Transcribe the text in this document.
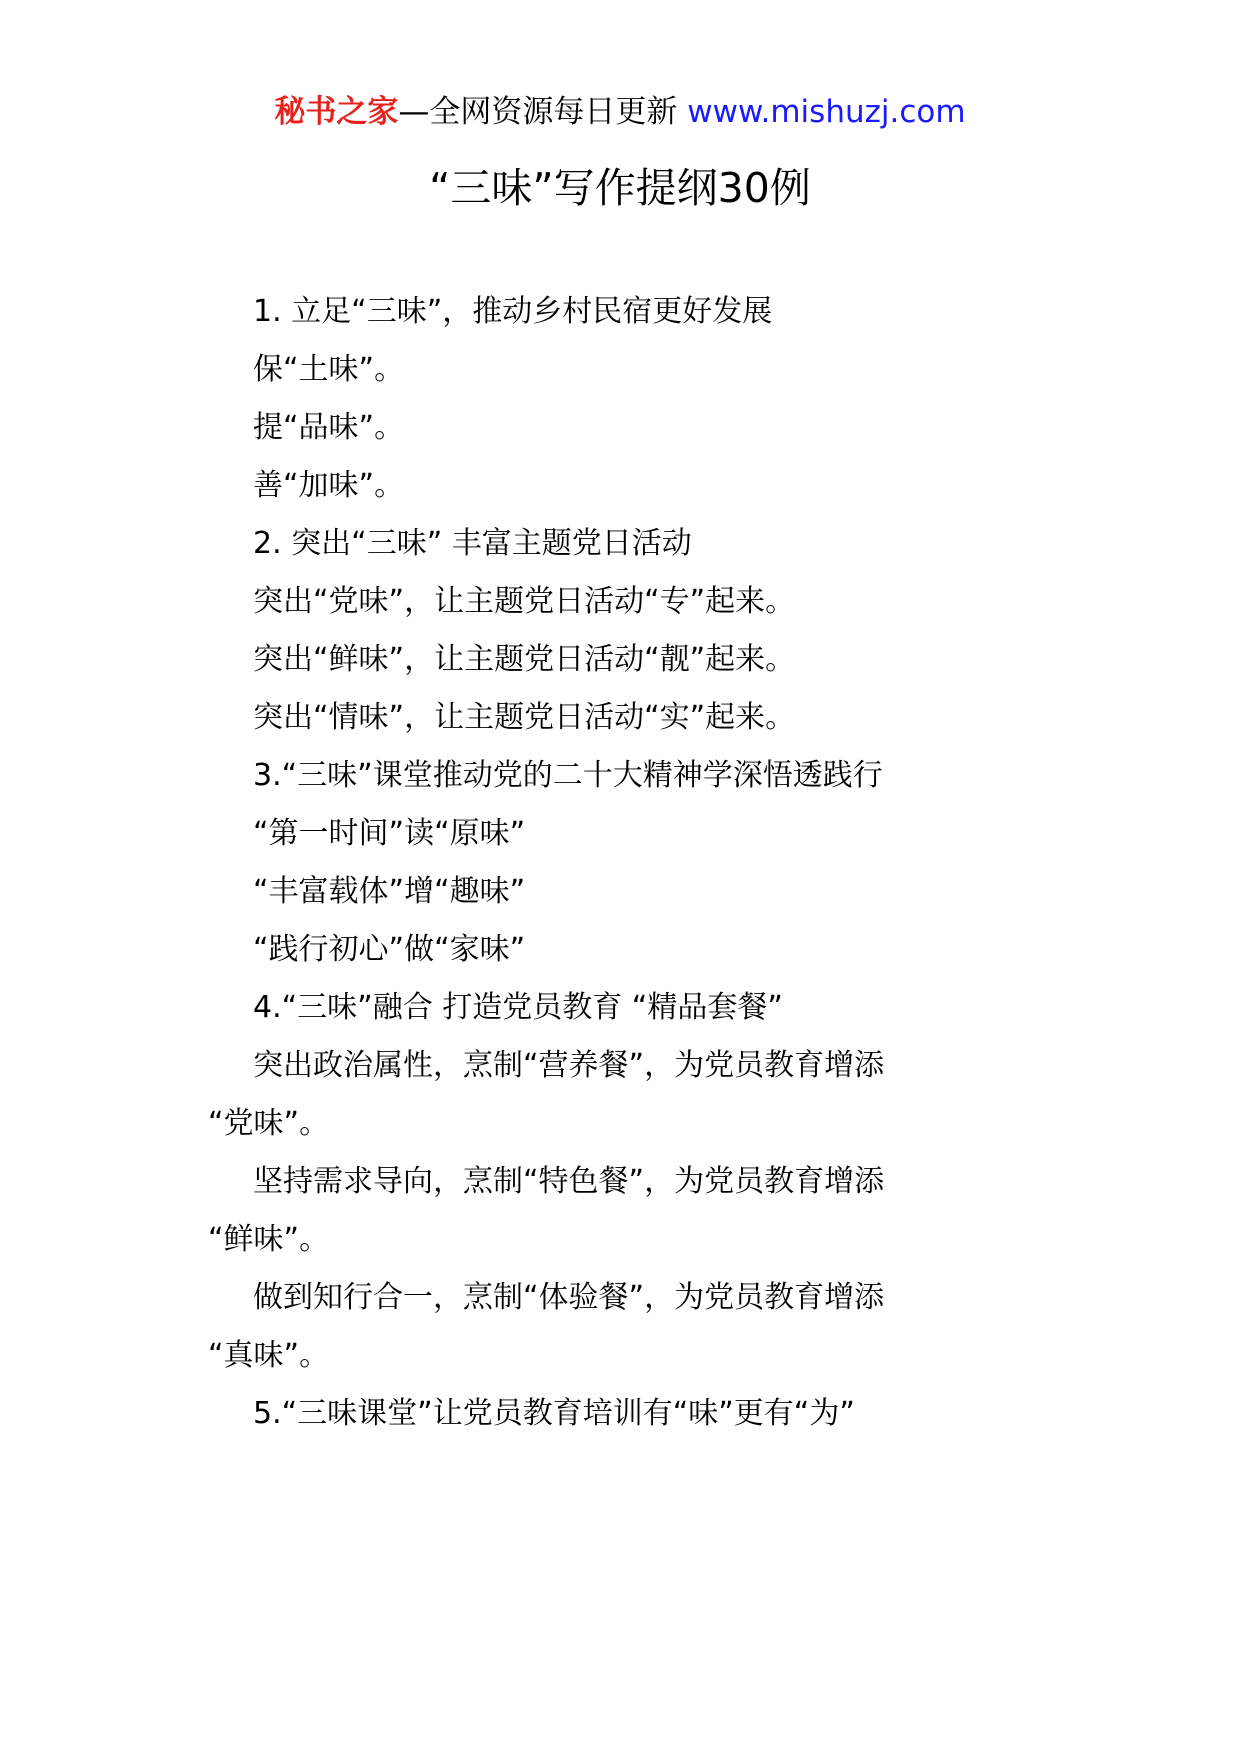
秘书之家—全网资源每日更新 www.mishuzj.com
“三味”写作提纲30例
1. 立足“三味”，推动乡村民宿更好发展
保“土味”。
提“品味”。
善“加味”。
2. 突出“三味” 丰富主题党日活动
突出“党味”，让主题党日活动“专”起来。
突出“鲜味”，让主题党日活动“靓”起来。
突出“情味”，让主题党日活动“实”起来。
3.“三味”课堂推动党的二十大精神学深悟透践行
“第一时间”读“原味”
“丰富载体”增“趣味”
“践行初心”做“家味”
4.“三味”融合 打造党员教育 “精品套餐”
突出政治属性，烹制“营养餐”，为党员教育增添
“党味”。
坚持需求导向，烹制“特色餐”，为党员教育增添
“鲜味”。
做到知行合一，烹制“体验餐”，为党员教育增添
“真味”。
5.“三味课堂”让党员教育培训有“味”更有“为”
